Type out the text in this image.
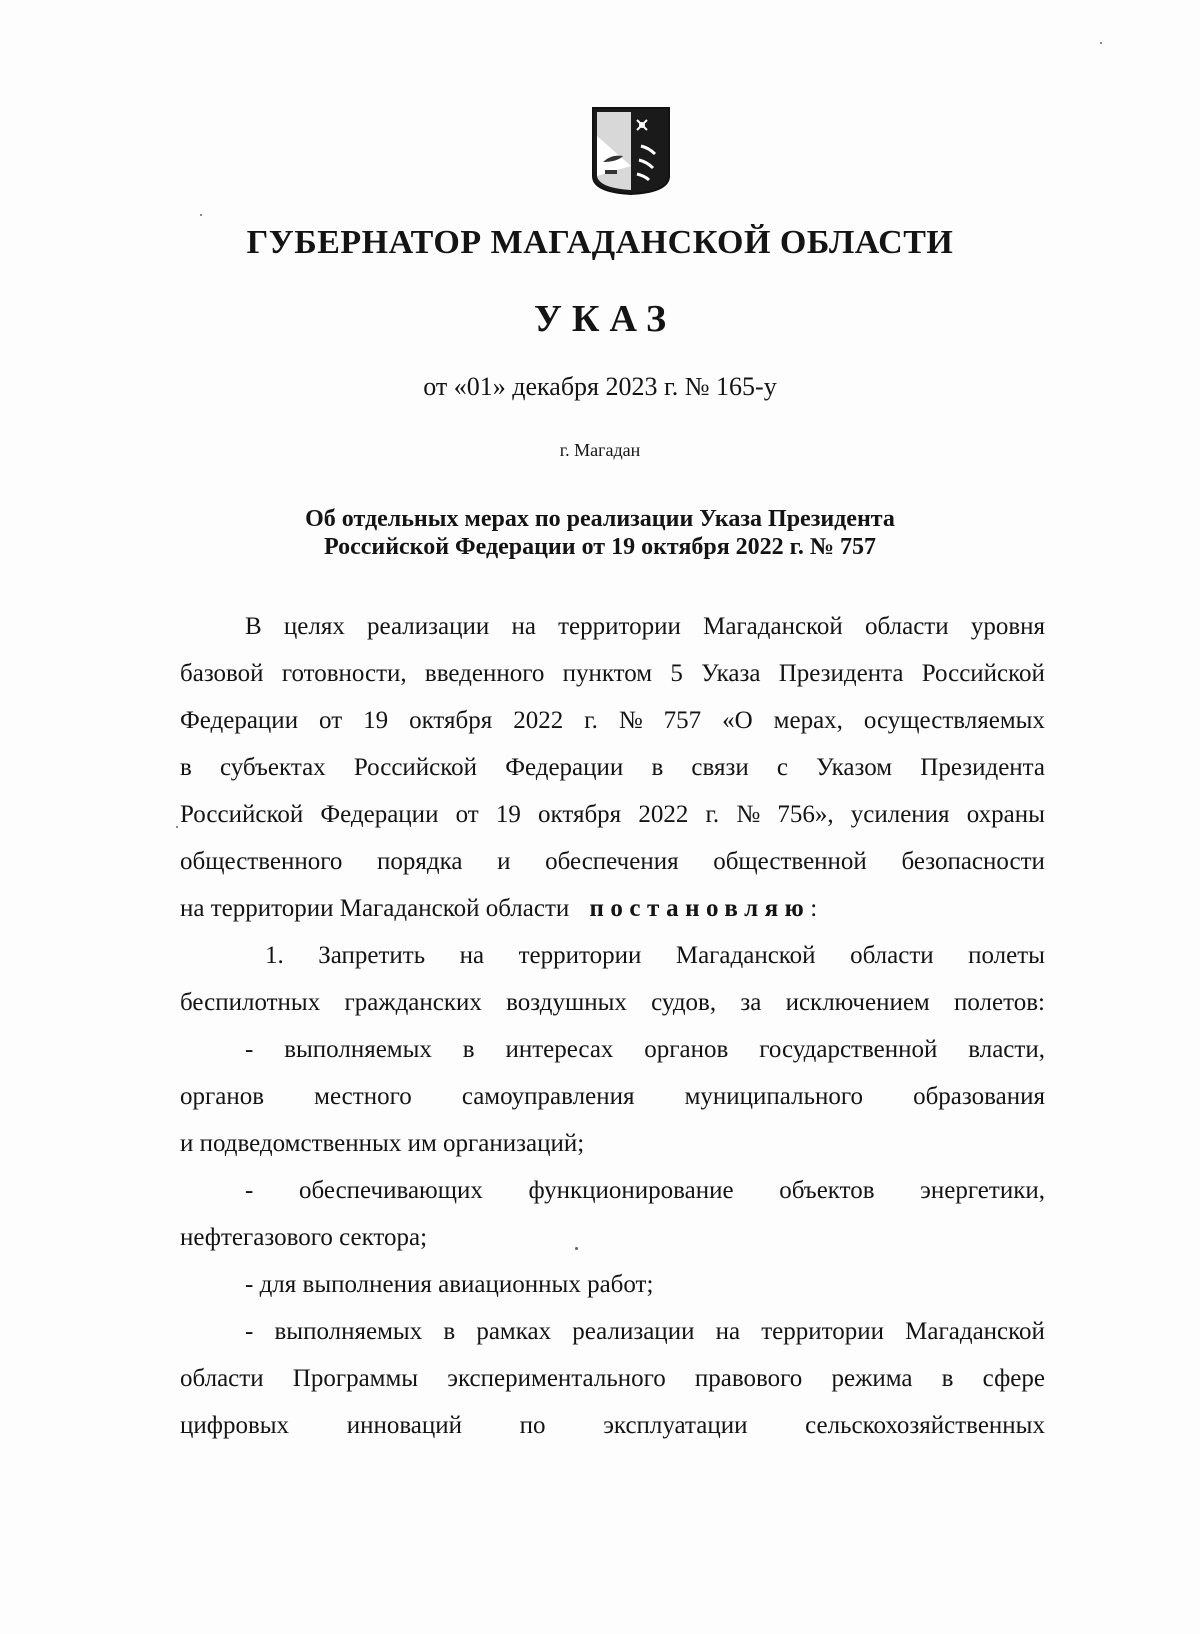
ГУБЕРНАТОР МАГАДАНСКОЙ ОБЛАСТИ
УКАЗ
от «01» декабря 2023 г. № 165-у
г. Магадан
Об отдельных мерах по реализации Указа Президента
Российской Федерации от 19 октября 2022 г. № 757
В целях реализации на территории Магаданской области уровня
базовой готовности, введенного пунктом 5 Указа Президента Российской
Федерации от 19 октября 2022 г. № 757 «О мерах, осуществляемых
в субъектах Российской Федерации в связи с Указом Президента
Российской Федерации от 19 октября 2022 г. № 756», усиления охраны
общественного порядка и обеспечения общественной безопасности
на территории Магаданской области постановляю:
1. Запретить на территории Магаданской области полеты
беспилотных гражданских воздушных судов, за исключением полетов:
- выполняемых в интересах органов государственной власти,
органов местного самоуправления муниципального образования
и подведомственных им организаций;
- обеспечивающих функционирование объектов энергетики,
нефтегазового сектора;
- для выполнения авиационных работ;
- выполняемых в рамках реализации на территории Магаданской
области Программы экспериментального правового режима в сфере
цифровых инноваций по эксплуатации сельскохозяйственных
